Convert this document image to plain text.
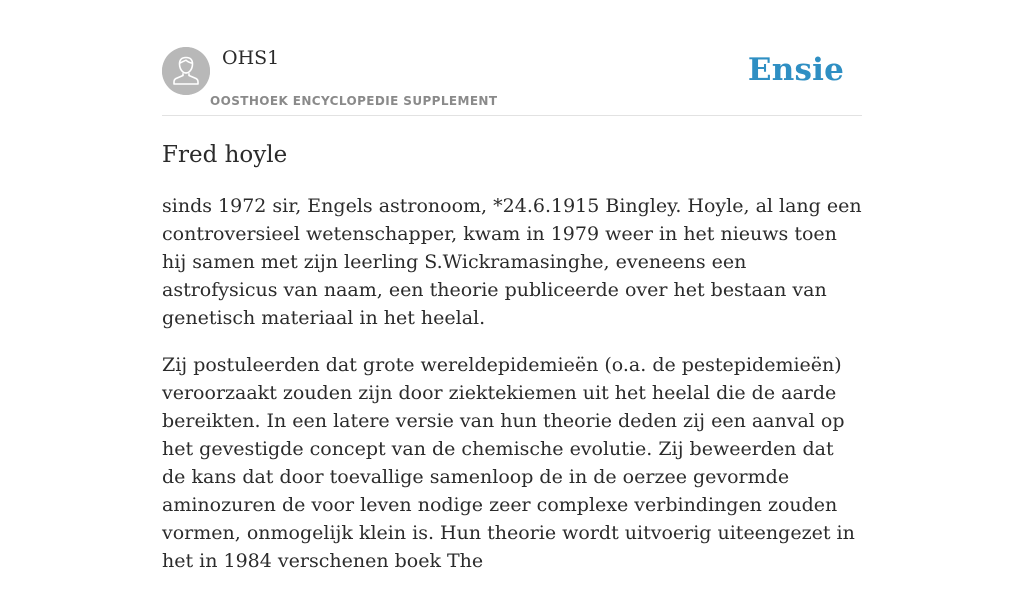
OHS1
OOSTHOEK ENCYCLOPEDIE SUPPLEMENT
Ensie
Fred hoyle

sinds 1972 sir, Engels astronoom, *24.6.1915 Bingley. Hoyle, al lang een controversieel wetenschapper, kwam in 1979 weer in het nieuws toen hij samen met zijn leerling S.Wickramasinghe, eveneens een astrofysicus van naam, een theorie publiceerde over het bestaan van genetisch materiaal in het heelal.

Zij postuleerden dat grote wereldepidemieën (o.a. de pestepidemieën) veroorzaakt zouden zijn door ziektekiemen uit het heelal die de aarde bereikten. In een latere versie van hun theorie deden zij een aanval op het gevestigde concept van de chemische evolutie. Zij beweerden dat de kans dat door toevallige samenloop de in de oerzee gevormde aminozuren de voor leven nodige zeer complexe verbindingen zouden vormen, onmogelijk klein is. Hun theorie wordt uitvoerig uiteengezet in het in 1984 verschenen boek The
